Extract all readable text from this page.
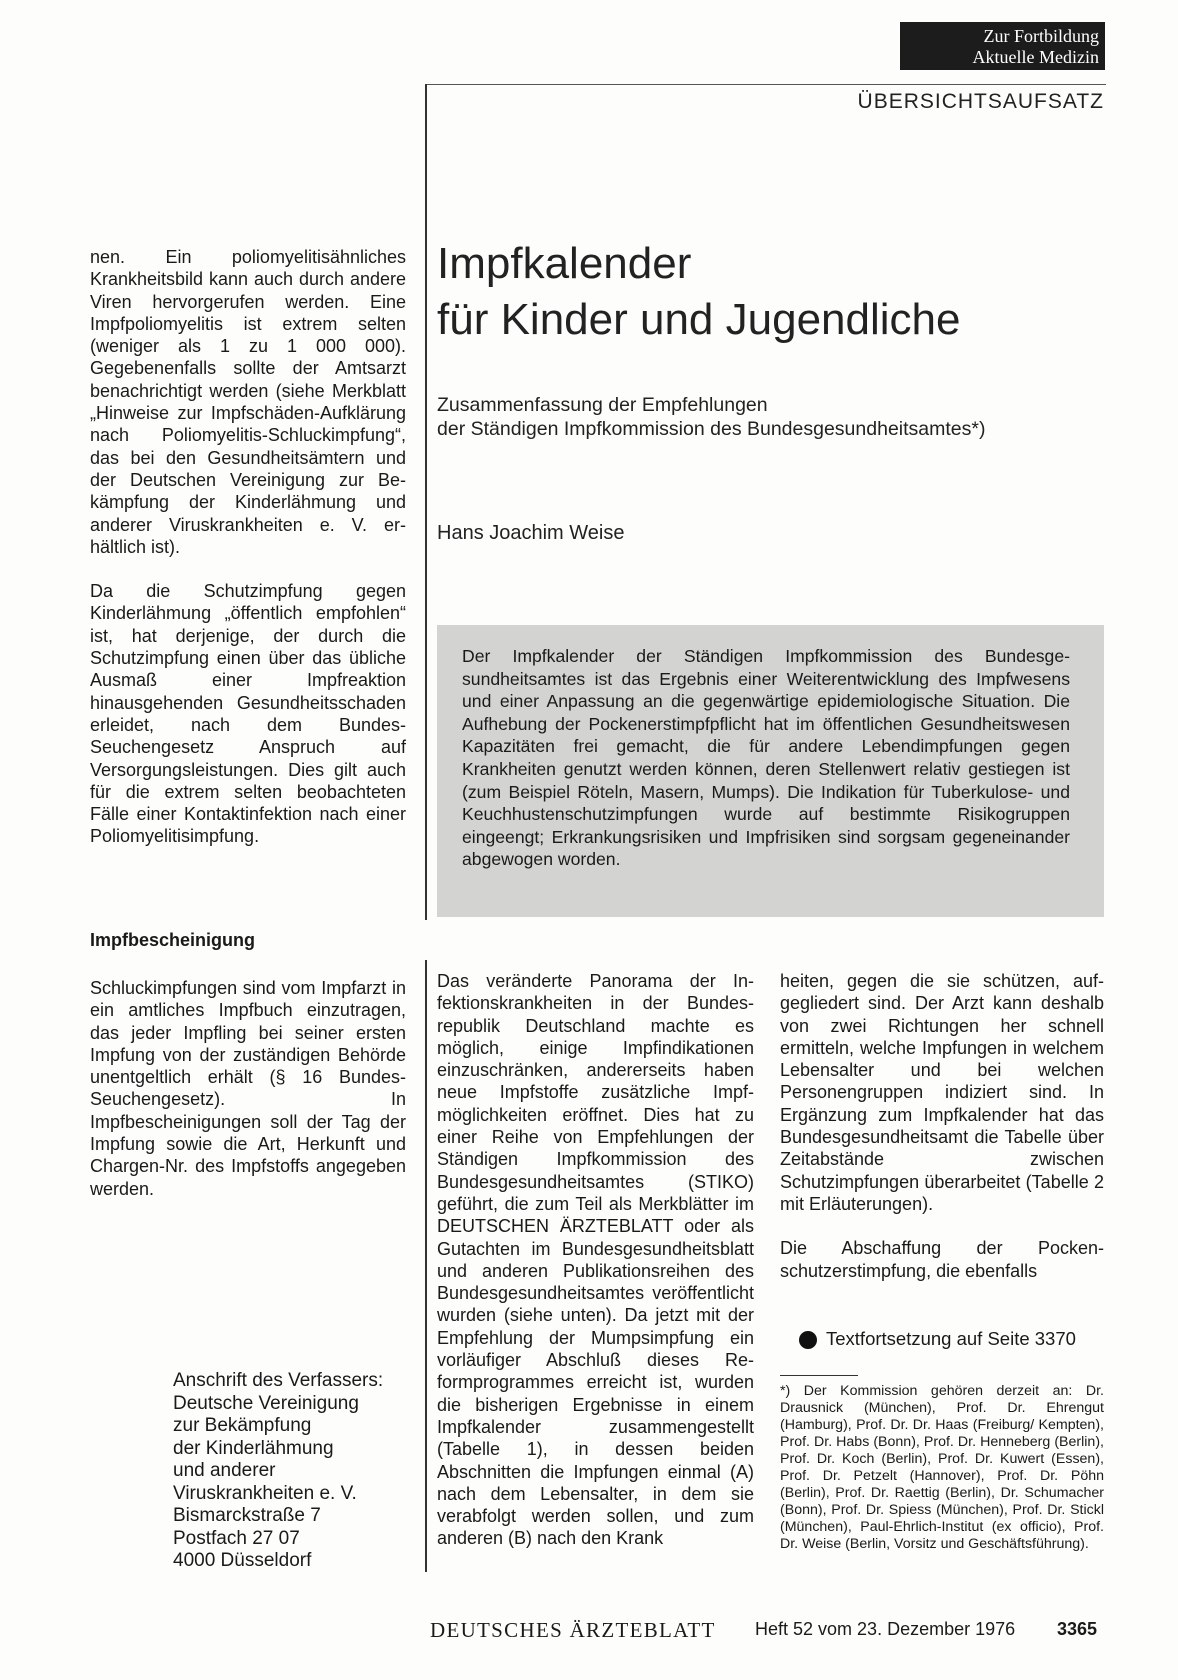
Zur Fortbildung
Aktuelle Medizin
ÜBERSICHTSAUFSATZ

nen. Ein poliomyelitisähnliches Krankheitsbild kann auch durch andere Viren hervorgerufen werden. Eine Impfpoliomyelitis ist extrem selten (weniger als 1 zu 1 000 000). Gegebenenfalls sollte der Amtsarzt benachrichtigt werden (siehe Merkblatt „Hinweise zur Impfschäden-Aufklärung nach Poliomyelitis-Schluckimpfung“, das bei den Gesundheitsämtern und der Deutschen Vereinigung zur Bekämpfung der Kinderlähmung und anderer Viruskrankheiten e. V. erhältlich ist).

Da die Schutzimpfung gegen Kinderlähmung „öffentlich empfohlen“ ist, hat derjenige, der durch die Schutzimpfung einen über das übliche Ausmaß einer Impfreaktion hinausgehenden Gesundheitsschaden erleidet, nach dem Bundes-Seuchengesetz Anspruch auf Versorgungsleistungen. Dies gilt auch für die extrem selten beobachteten Fälle einer Kontaktinfektion nach einer Poliomyelitisimpfung.

Impfbescheinigung

Schluckimpfungen sind vom Impfarzt in ein amtliches Impfbuch einzutragen, das jeder Impfling bei seiner ersten Impfung von der zuständigen Behörde unentgeltlich erhält (§ 16 Bundes-Seuchengesetz). In Impfbescheinigungen soll der Tag der Impfung sowie die Art, Herkunft und Chargen-Nr. des Impfstoffs angegeben werden.

Anschrift des Verfassers:
Deutsche Vereinigung
zur Bekämpfung
der Kinderlähmung
und anderer
Viruskrankheiten e. V.
Bismarckstraße 7
Postfach 27 07
4000 Düsseldorf
Impfkalender
für Kinder und Jugendliche
Zusammenfassung der Empfehlungen
der Ständigen Impfkommission des Bundesgesundheitsamtes*)
Hans Joachim Weise
Der Impfkalender der Ständigen Impfkommission des Bundesgesundheitsamtes ist das Ergebnis einer Weiterentwicklung des Impfwesens und einer Anpassung an die gegenwärtige epidemiologische Situation. Die Aufhebung der Pockenerstimpfpflicht hat im öffentlichen Gesundheitswesen Kapazitäten frei gemacht, die für andere Lebendimpfungen gegen Krankheiten genutzt werden können, deren Stellenwert relativ gestiegen ist (zum Beispiel Röteln, Masern, Mumps). Die Indikation für Tuberkulose- und Keuchhustenschutzimpfungen wurde auf bestimmte Risikogruppen eingeengt; Erkrankungsrisiken und Impfrisiken sind sorgsam gegeneinander abgewogen worden.
Das veränderte Panorama der Infektionskrankheiten in der Bundesrepublik Deutschland machte es möglich, einige Impfindikationen einzuschränken, andererseits haben neue Impfstoffe zusätzliche Impfmöglichkeiten eröffnet. Dies hat zu einer Reihe von Empfehlungen der Ständigen Impfkommission des Bundesgesundheitsamtes (STIKO) geführt, die zum Teil als Merkblätter im DEUTSCHEN ÄRZTEBLATT oder als Gutachten im Bundesgesundheitsblatt und anderen Publikationsreihen des Bundesgesundheitsamtes veröffentlicht wurden (siehe unten). Da jetzt mit der Empfehlung der Mumpsimpfung ein vorläufiger Abschluß dieses Reformprogrammes erreicht ist, wurden die bisherigen Ergebnisse in einem Impfkalender zusammengestellt (Tabelle 1), in dessen beiden Abschnitten die Impfungen einmal (A) nach dem Lebensalter, in dem sie verabfolgt werden sollen, und zum anderen (B) nach den Krank

heiten, gegen die sie schützen, aufgegliedert sind. Der Arzt kann deshalb von zwei Richtungen her schnell ermitteln, welche Impfungen in welchem Lebensalter und bei welchen Personengruppen indiziert sind. In Ergänzung zum Impfkalender hat das Bundesgesundheitsamt die Tabelle über Zeitabstände zwischen Schutzimpfungen überarbeitet (Tabelle 2 mit Erläuterungen).

Die Abschaffung der Pockenschutzerstimpfung, die ebenfalls

Textfortsetzung auf Seite 3370
*) Der Kommission gehören derzeit an: Dr. Drausnick (München), Prof. Dr. Ehrengut (Hamburg), Prof. Dr. Dr. Haas (Freiburg/ Kempten), Prof. Dr. Habs (Bonn), Prof. Dr. Henneberg (Berlin), Prof. Dr. Koch (Berlin), Prof. Dr. Kuwert (Essen), Prof. Dr. Petzelt (Hannover), Prof. Dr. Pöhn (Berlin), Prof. Dr. Raettig (Berlin), Dr. Schumacher (Bonn), Prof. Dr. Spiess (München), Prof. Dr. Stickl (München), Paul-Ehrlich-Institut (ex officio), Prof. Dr. Weise (Berlin, Vorsitz und Geschäftsführung).
DEUTSCHES ÄRZTEBLATT Heft 52 vom 23. Dezember 1976 3365
